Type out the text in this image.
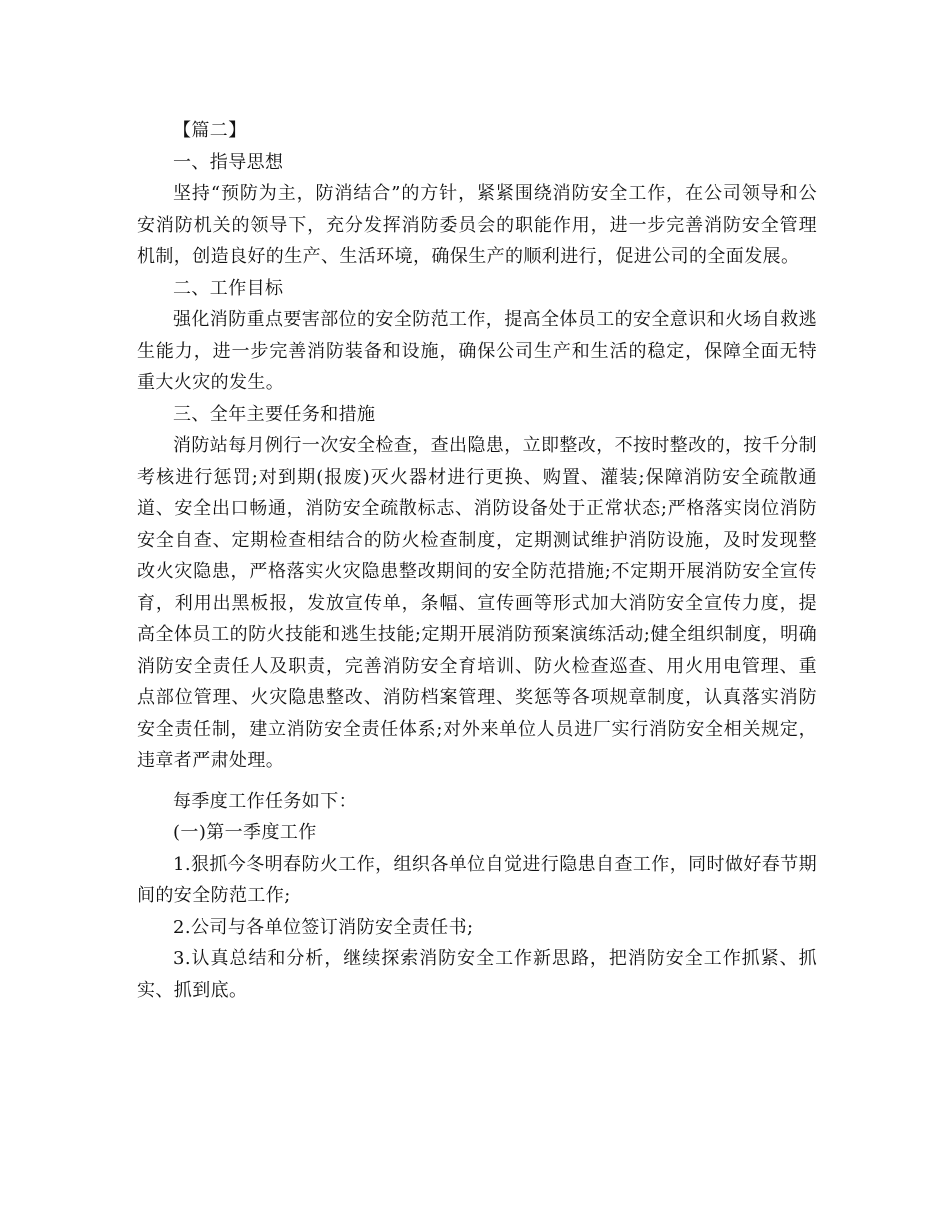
【篇二】

一、指导思想

坚持“预防为主，防消结合”的方针，紧紧围绕消防安全工作，在公司领导和公安消防机关的领导下，充分发挥消防委员会的职能作用，进一步完善消防安全管理机制，创造良好的生产、生活环境，确保生产的顺利进行，促进公司的全面发展。

二、工作目标

强化消防重点要害部位的安全防范工作，提高全体员工的安全意识和火场自救逃生能力，进一步完善消防装备和设施，确保公司生产和生活的稳定，保障全面无特重大火灾的发生。

三、全年主要任务和措施

消防站每月例行一次安全检查，查出隐患，立即整改，不按时整改的，按千分制考核进行惩罚;对到期(报废)灭火器材进行更换、购置、灌装;保障消防安全疏散通道、安全出口畅通，消防安全疏散标志、消防设备处于正常状态;严格落实岗位消防安全自查、定期检查相结合的防火检查制度，定期测试维护消防设施，及时发现整改火灾隐患，严格落实火灾隐患整改期间的安全防范措施;不定期开展消防安全宣传育，利用出黑板报，发放宣传单，条幅、宣传画等形式加大消防安全宣传力度，提高全体员工的防火技能和逃生技能;定期开展消防预案演练活动;健全组织制度，明确消防安全责任人及职责，完善消防安全育培训、防火检查巡查、用火用电管理、重点部位管理、火灾隐患整改、消防档案管理、奖惩等各项规章制度，认真落实消防安全责任制，建立消防安全责任体系;对外来单位人员进厂实行消防安全相关规定，违章者严肃处理。

每季度工作任务如下：

(一)第一季度工作

1.狠抓今冬明春防火工作，组织各单位自觉进行隐患自查工作，同时做好春节期间的安全防范工作;

2.公司与各单位签订消防安全责任书;

3.认真总结和分析，继续探索消防安全工作新思路，把消防安全工作抓紧、抓实、抓到底。
